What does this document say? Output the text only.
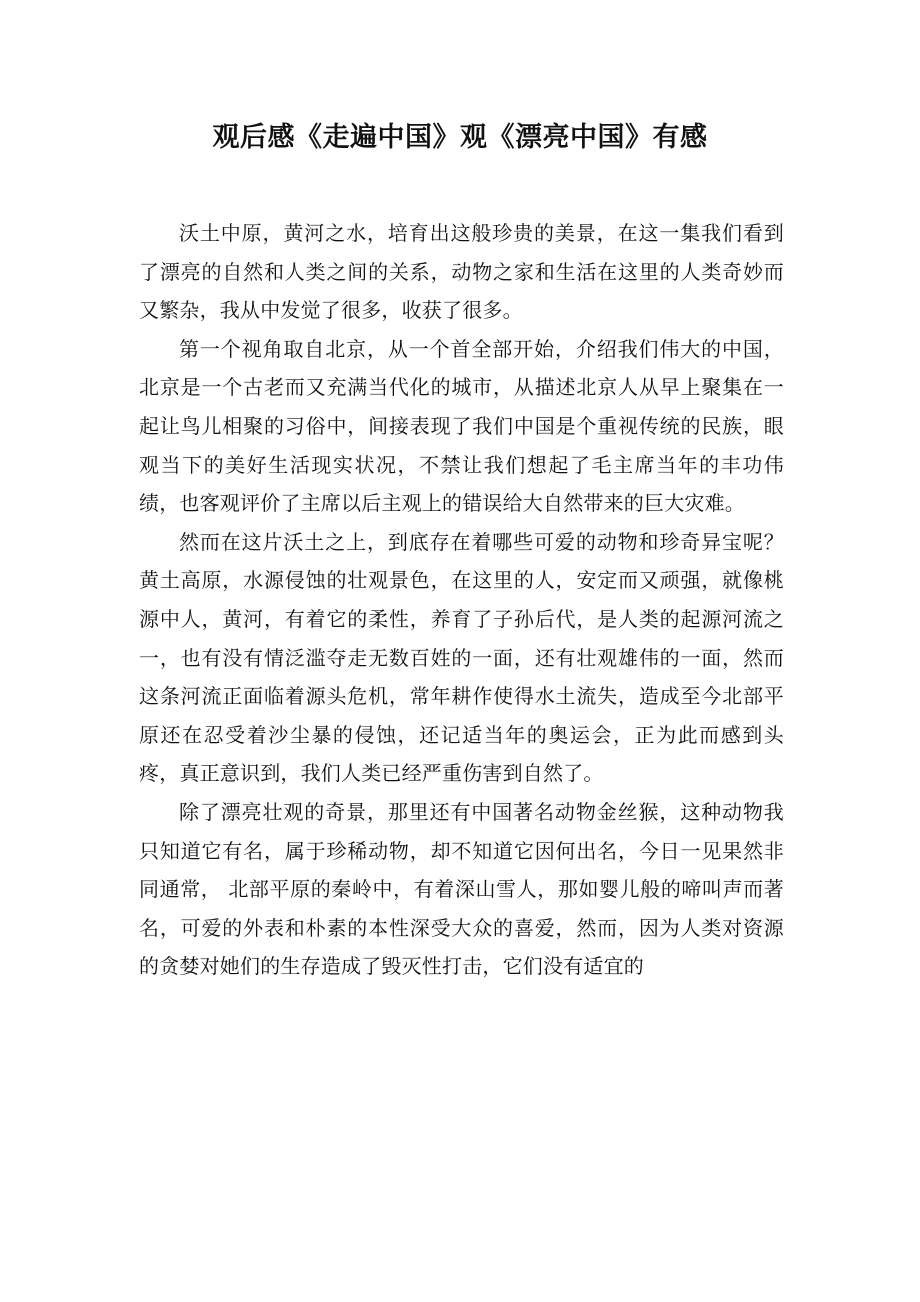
观后感《走遍中国》观《漂亮中国》有感

沃土中原，黄河之水，培育出这般珍贵的美景，在这一集我们看到了漂亮的自然和人类之间的关系，动物之家和生活在这里的人类奇妙而又繁杂，我从中发觉了很多，收获了很多。

第一个视角取自北京，从一个首全部开始，介绍我们伟大的中国，北京是一个古老而又充满当代化的城市，从描述北京人从早上聚集在一起让鸟儿相聚的习俗中，间接表现了我们中国是个重视传统的民族，眼观当下的美好生活现实状况，不禁让我们想起了毛主席当年的丰功伟绩，也客观评价了主席以后主观上的错误给大自然带来的巨大灾难。

然而在这片沃土之上，到底存在着哪些可爱的动物和珍奇异宝呢？黄土高原，水源侵蚀的壮观景色，在这里的人，安定而又顽强，就像桃源中人，黄河，有着它的柔性，养育了子孙后代，是人类的起源河流之一，也有没有情泛滥夺走无数百姓的一面，还有壮观雄伟的一面，然而这条河流正面临着源头危机，常年耕作使得水土流失，造成至今北部平原还在忍受着沙尘暴的侵蚀，还记适当年的奥运会，正为此而感到头疼，真正意识到，我们人类已经严重伤害到自然了。

除了漂亮壮观的奇景，那里还有中国著名动物金丝猴，这种动物我只知道它有名，属于珍稀动物，却不知道它因何出名，今日一见果然非同通常， 北部平原的秦岭中，有着深山雪人，那如婴儿般的啼叫声而著名，可爱的外表和朴素的本性深受大众的喜爱，然而，因为人类对资源的贪婪对她们的生存造成了毁灭性打击，它们没有适宜的
